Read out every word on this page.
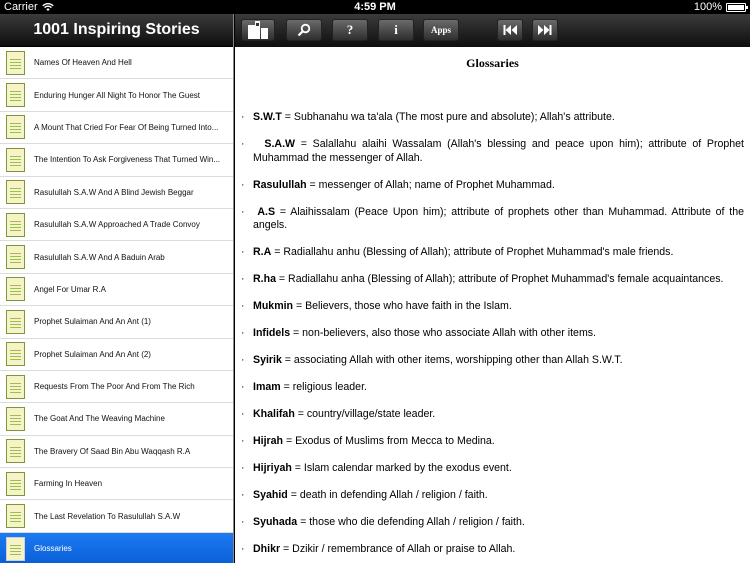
Carrier	4:59 PM	100%
1001 Inspiring Stories
Names Of Heaven And Hell
Enduring Hunger All Night To Honor The Guest
A Mount That Cried For Fear Of Being Turned Into...
The Intention To Ask Forgiveness That Turned Win...
Rasulullah S.A.W And A Blind Jewish Beggar
Rasulullah S.A.W Approached A Trade Convoy
Rasulullah S.A.W And A Baduin Arab
Angel For Umar R.A
Prophet Sulaiman And An Ant (1)
Prophet Sulaiman And An Ant (2)
Requests From The Poor And From The Rich
The Goat And The Weaving Machine
The Bravery Of Saad Bin Abu Waqqash R.A
Farming In Heaven
The Last Revelation To Rasulullah S.A.W
Glossaries
?	i	Apps
Glossaries
· S.W.T = Subhanahu wa ta'ala (The most pure and absolute); Allah's attribute.
· S.A.W = Salallahu alaihi Wassalam (Allah's blessing and peace upon him); attribute of Prophet Muhammad the messenger of Allah.
· Rasulullah = messenger of Allah; name of Prophet Muhammad.
· A.S = Alaihissalam (Peace Upon him); attribute of prophets other than Muhammad. Attribute of the angels.
· R.A = Radiallahu anhu (Blessing of Allah); attribute of Prophet Muhammad's male friends.
· R.ha = Radiallahu anha (Blessing of Allah); attribute of Prophet Muhammad's female acquaintances.
· Mukmin = Believers, those who have faith in the Islam.
· Infidels = non-believers, also those who associate Allah with other items.
· Syirik = associating Allah with other items, worshipping other than Allah S.W.T.
· Imam = religious leader.
· Khalifah = country/village/state leader.
· Hijrah = Exodus of Muslims from Mecca to Medina.
· Hijriyah = Islam calendar marked by the exodus event.
· Syahid = death in defending Allah / religion / faith.
· Syuhada = those who die defending Allah / religion / faith.
· Dhikr = Dzikir / remembrance of Allah or praise to Allah.
